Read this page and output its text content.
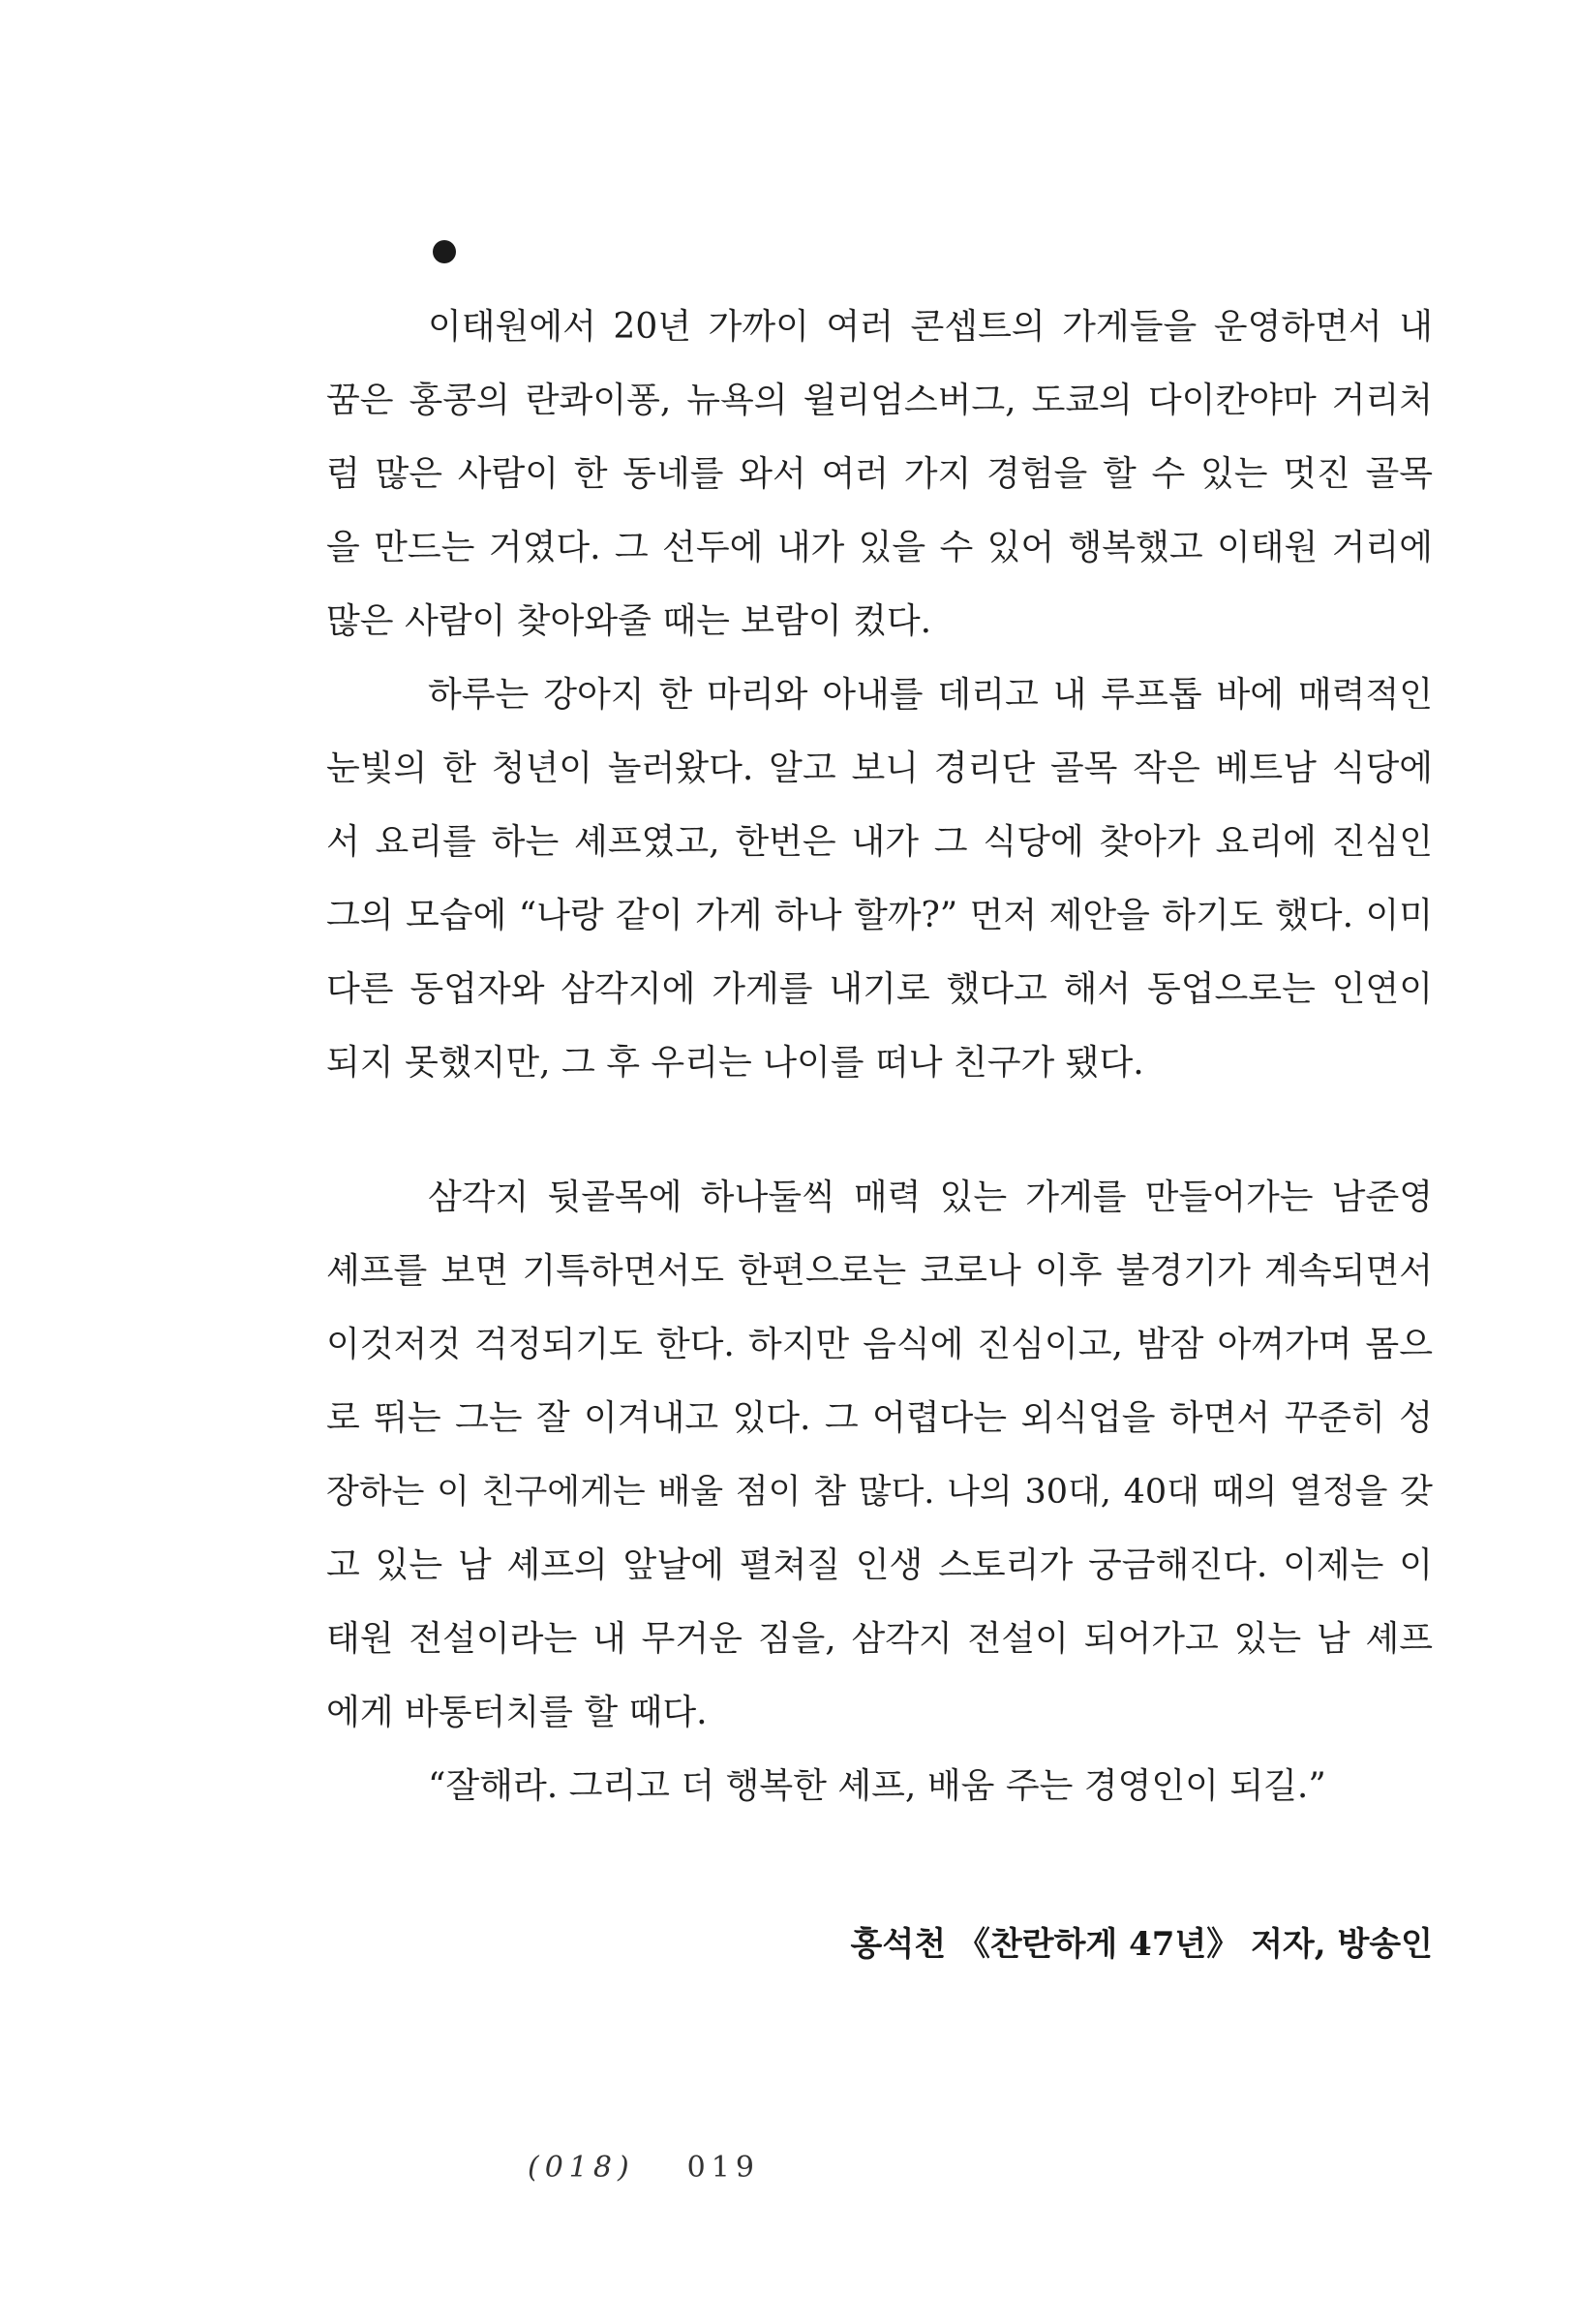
이태원에서 20년 가까이 여러 콘셉트의 가게들을 운영하면서 내
꿈은 홍콩의 란콰이퐁, 뉴욕의 윌리엄스버그, 도쿄의 다이칸야마 거리처
럼 많은 사람이 한 동네를 와서 여러 가지 경험을 할 수 있는 멋진 골목
을 만드는 거였다. 그 선두에 내가 있을 수 있어 행복했고 이태원 거리에
많은 사람이 찾아와줄 때는 보람이 컸다.
하루는 강아지 한 마리와 아내를 데리고 내 루프톱 바에 매력적인
눈빛의 한 청년이 놀러왔다. 알고 보니 경리단 골목 작은 베트남 식당에
서 요리를 하는 셰프였고, 한번은 내가 그 식당에 찾아가 요리에 진심인
그의 모습에 “나랑 같이 가게 하나 할까?” 먼저 제안을 하기도 했다. 이미
다른 동업자와 삼각지에 가게를 내기로 했다고 해서 동업으로는 인연이
되지 못했지만, 그 후 우리는 나이를 떠나 친구가 됐다.
삼각지 뒷골목에 하나둘씩 매력 있는 가게를 만들어가는 남준영
셰프를 보면 기특하면서도 한편으로는 코로나 이후 불경기가 계속되면서
이것저것 걱정되기도 한다. 하지만 음식에 진심이고, 밤잠 아껴가며 몸으
로 뛰는 그는 잘 이겨내고 있다. 그 어렵다는 외식업을 하면서 꾸준히 성
장하는 이 친구에게는 배울 점이 참 많다. 나의 30대, 40대 때의 열정을 갖
고 있는 남 셰프의 앞날에 펼쳐질 인생 스토리가 궁금해진다. 이제는 이
태원 전설이라는 내 무거운 짐을, 삼각지 전설이 되어가고 있는 남 셰프
에게 바통터치를 할 때다.
“잘해라. 그리고 더 행복한 셰프, 배움 주는 경영인이 되길.”
홍석천 《찬란하게 47년》 저자, 방송인
(018) 019
